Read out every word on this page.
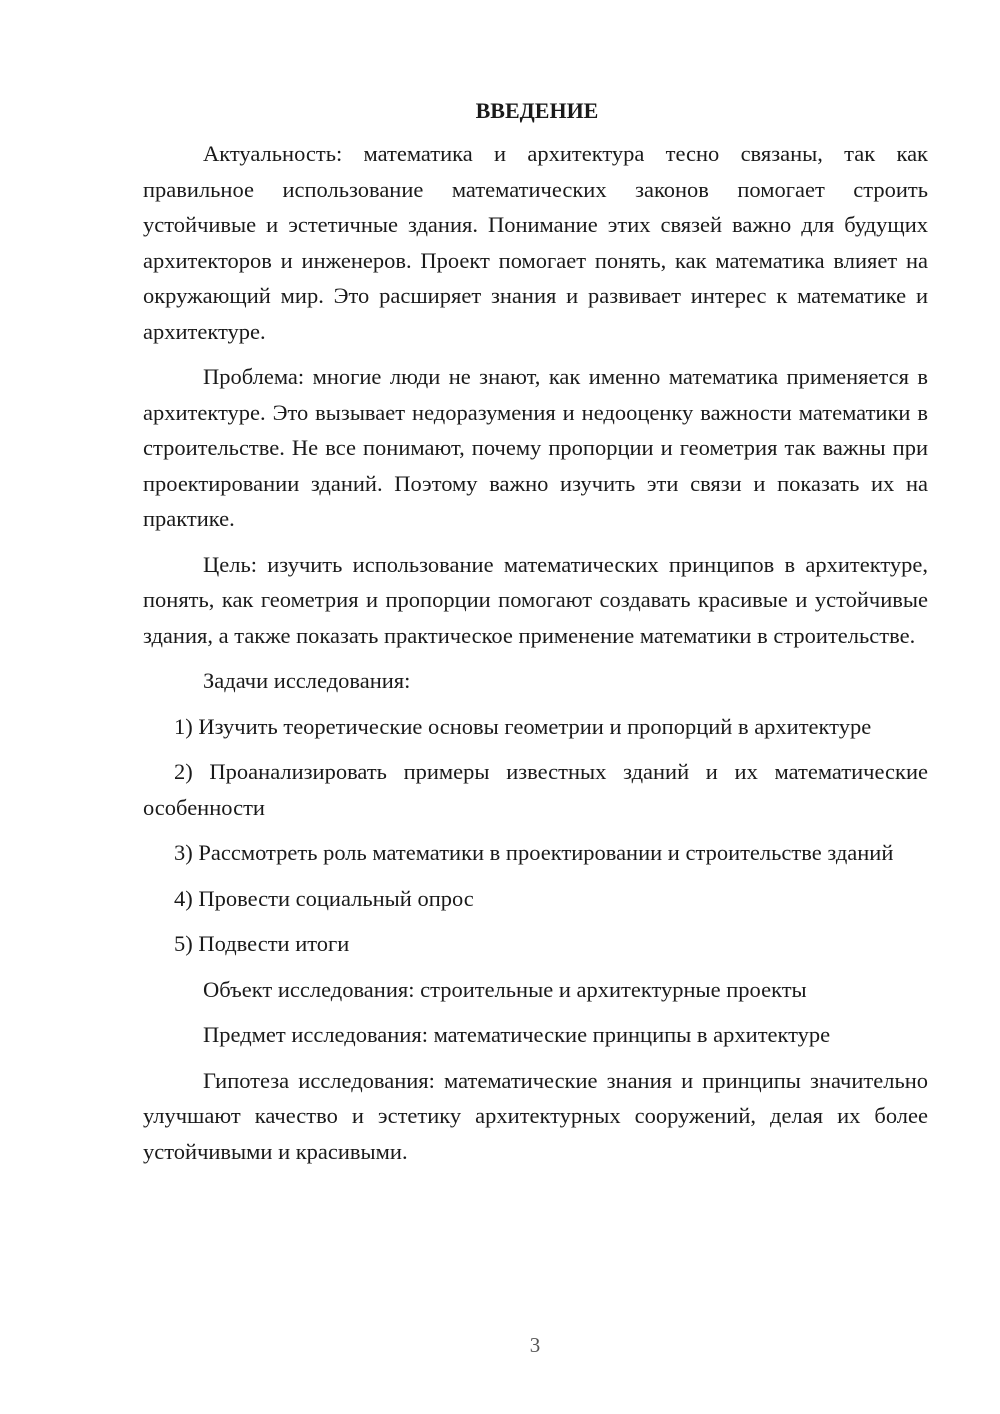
ВВЕДЕНИЕ

Актуальность: математика и архитектура тесно связаны, так как правильное использование математических законов помогает строить устойчивые и эстетичные здания. Понимание этих связей важно для будущих архитекторов и инженеров. Проект помогает понять, как математика влияет на окружающий мир. Это расширяет знания и развивает интерес к математике и архитектуре.

Проблема: многие люди не знают, как именно математика применяется в архитектуре. Это вызывает недоразумения и недооценку важности математики в строительстве. Не все понимают, почему пропорции и геометрия так важны при проектировании зданий. Поэтому важно изучить эти связи и показать их на практике.

Цель: изучить использование математических принципов в архитектуре, понять, как геометрия и пропорции помогают создавать красивые и устойчивые здания, а также показать практическое применение математики в строительстве.

Задачи исследования:

1) Изучить теоретические основы геометрии и пропорций в архитектуре

2) Проанализировать примеры известных зданий и их математические особенности

3) Рассмотреть роль математики в проектировании и строительстве зданий

4) Провести социальный опрос

5) Подвести итоги

Объект исследования: строительные и архитектурные проекты

Предмет исследования: математические принципы в архитектуре

Гипотеза исследования: математические знания и принципы значительно улучшают качество и эстетику архитектурных сооружений, делая их более устойчивыми и красивыми.

3
